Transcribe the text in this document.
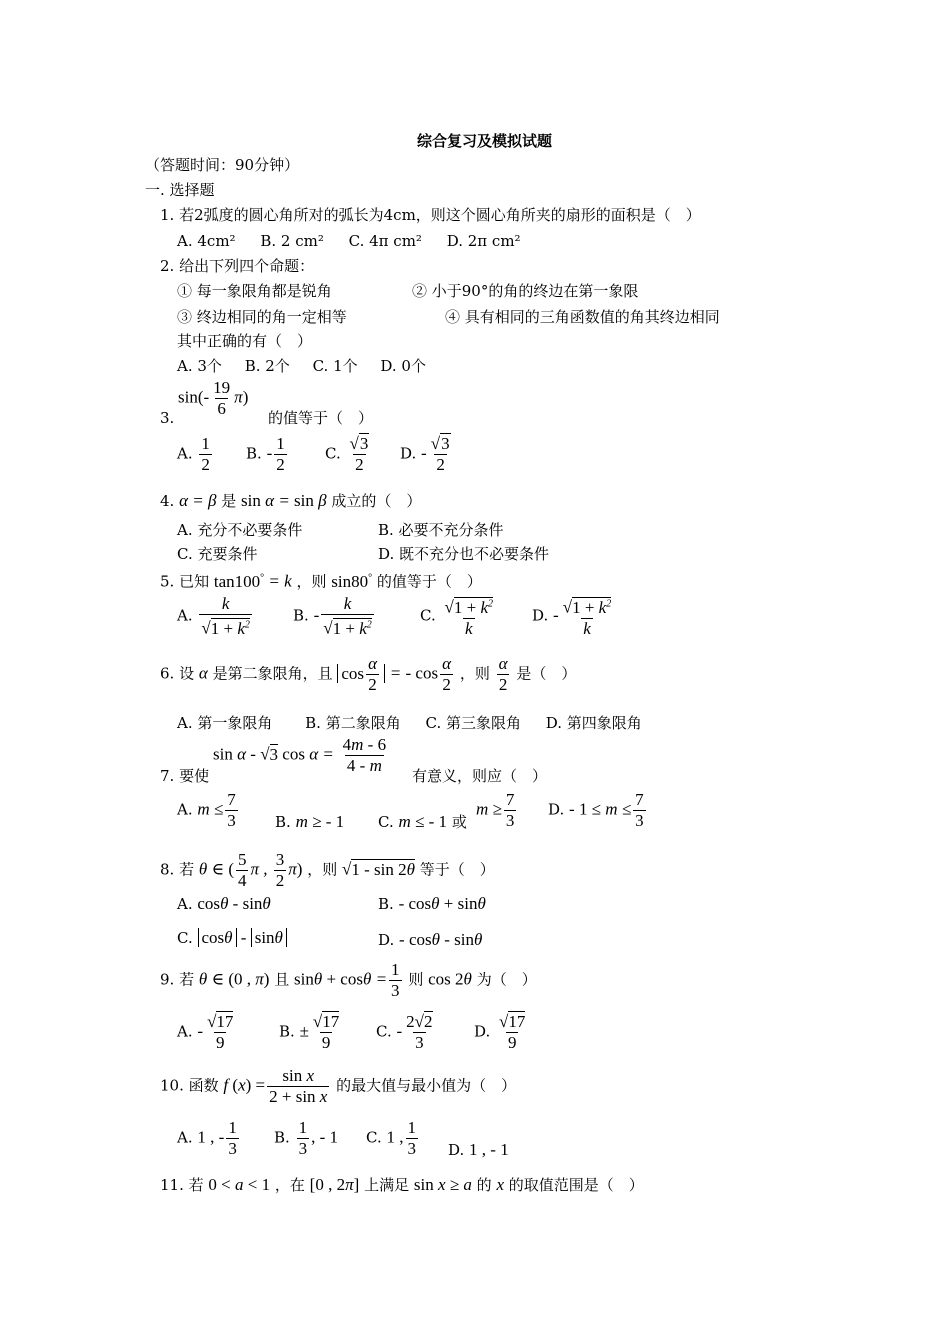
综合复习及模拟试题
（答题时间：90分钟）
一. 选择题
1. 若2弧度的圆心角所对的弧长为4cm，则这个圆心角所夹的扇形的面积是（　）
A. 4cm² B. 2 cm² C. 4π cm² D. 2π cm²
2. 给出下列四个命题：
① 每一象限角都是锐角	② 小于90°的角的终边在第一象限
③ 终边相同的角一定相等	④ 具有相同的三角函数值的角其终边相同
其中正确的有（　）
A. 3个 B. 2个 C. 1个 D. 0个
$\sin(- \frac{19}{6} \pi)$
3.	的值等于（　）
A. $\frac{1}{2} B$. - $\frac{1}{2}$	C. $\frac{√3}{2} D$. - $\frac{√3}{2}$
4. α = β 是 sin α = sin β 成立的（　）
A. 充分不必要条件	B. 必要不充分条件
C. 充要条件	D. 既不充分也不必要条件
5. 已知 tan100° = k ，则 sin80° 的值等于（　）
A. $\frac{k}{√1 + k^2}$	B. - $\frac{k}{√1 + k^2}$	C. $\frac{√1 + k^2}{k} D$. - $\frac{√1 + k^2}{k}$
6. 设 α 是第二象限角，且 $\cos \frac{\alpha}{2}$ = - $\cos \frac{\alpha}{2}$ ，则 $\frac{\alpha}{2}$ 是（　）
A. 第一象限角 B. 第二象限角 C. 第三象限角 D. 第四象限角
sin α - √3 $\cos \alpha = \frac{4m - 6}{4 - m}$
7. 要使	有意义，则应（　）
A. $m \le \frac{7}{3} B$. m ≥ - 1 C. m ≤ - 1 或
$m \ge \frac{7}{3} D$. - $1 \le m \le \frac{7}{3}$
8. 若 θ ∈ ( $\frac{5}{4}$ π , $\frac{3}{2} \pi$) ，则 √1 - sin 2θ 等于（　）
A. cosθ - sinθ	B. - cosθ + sinθ
C. cosθ - sinθ	D. - cosθ - sinθ
9. 若 θ ∈ (0 , π) 且 $\sin\theta + \cos\theta = \frac{1}{3}$ 则 cos 2θ 为（　）
A. - $\frac{√17}{9}$	B. ± $\frac{√17}{9} C$. - $\frac{2√2}{3}$	D. $\frac{√17}{9}$
10. 函数 f $(x) = \frac{\text{sin x}}{\text{2 + sin x}}$ 的最大值与最小值为（　）
A. 1 , - $\frac{1}{3} B$. $\frac{1}{3}$ , - 1 C. 1 , $\frac{1}{3} D$. 1 , - 1
11. 若 0 < a < 1 ，在 [0 , 2π] 上满足 sin x ≥ a 的 x 的取值范围是（　）
